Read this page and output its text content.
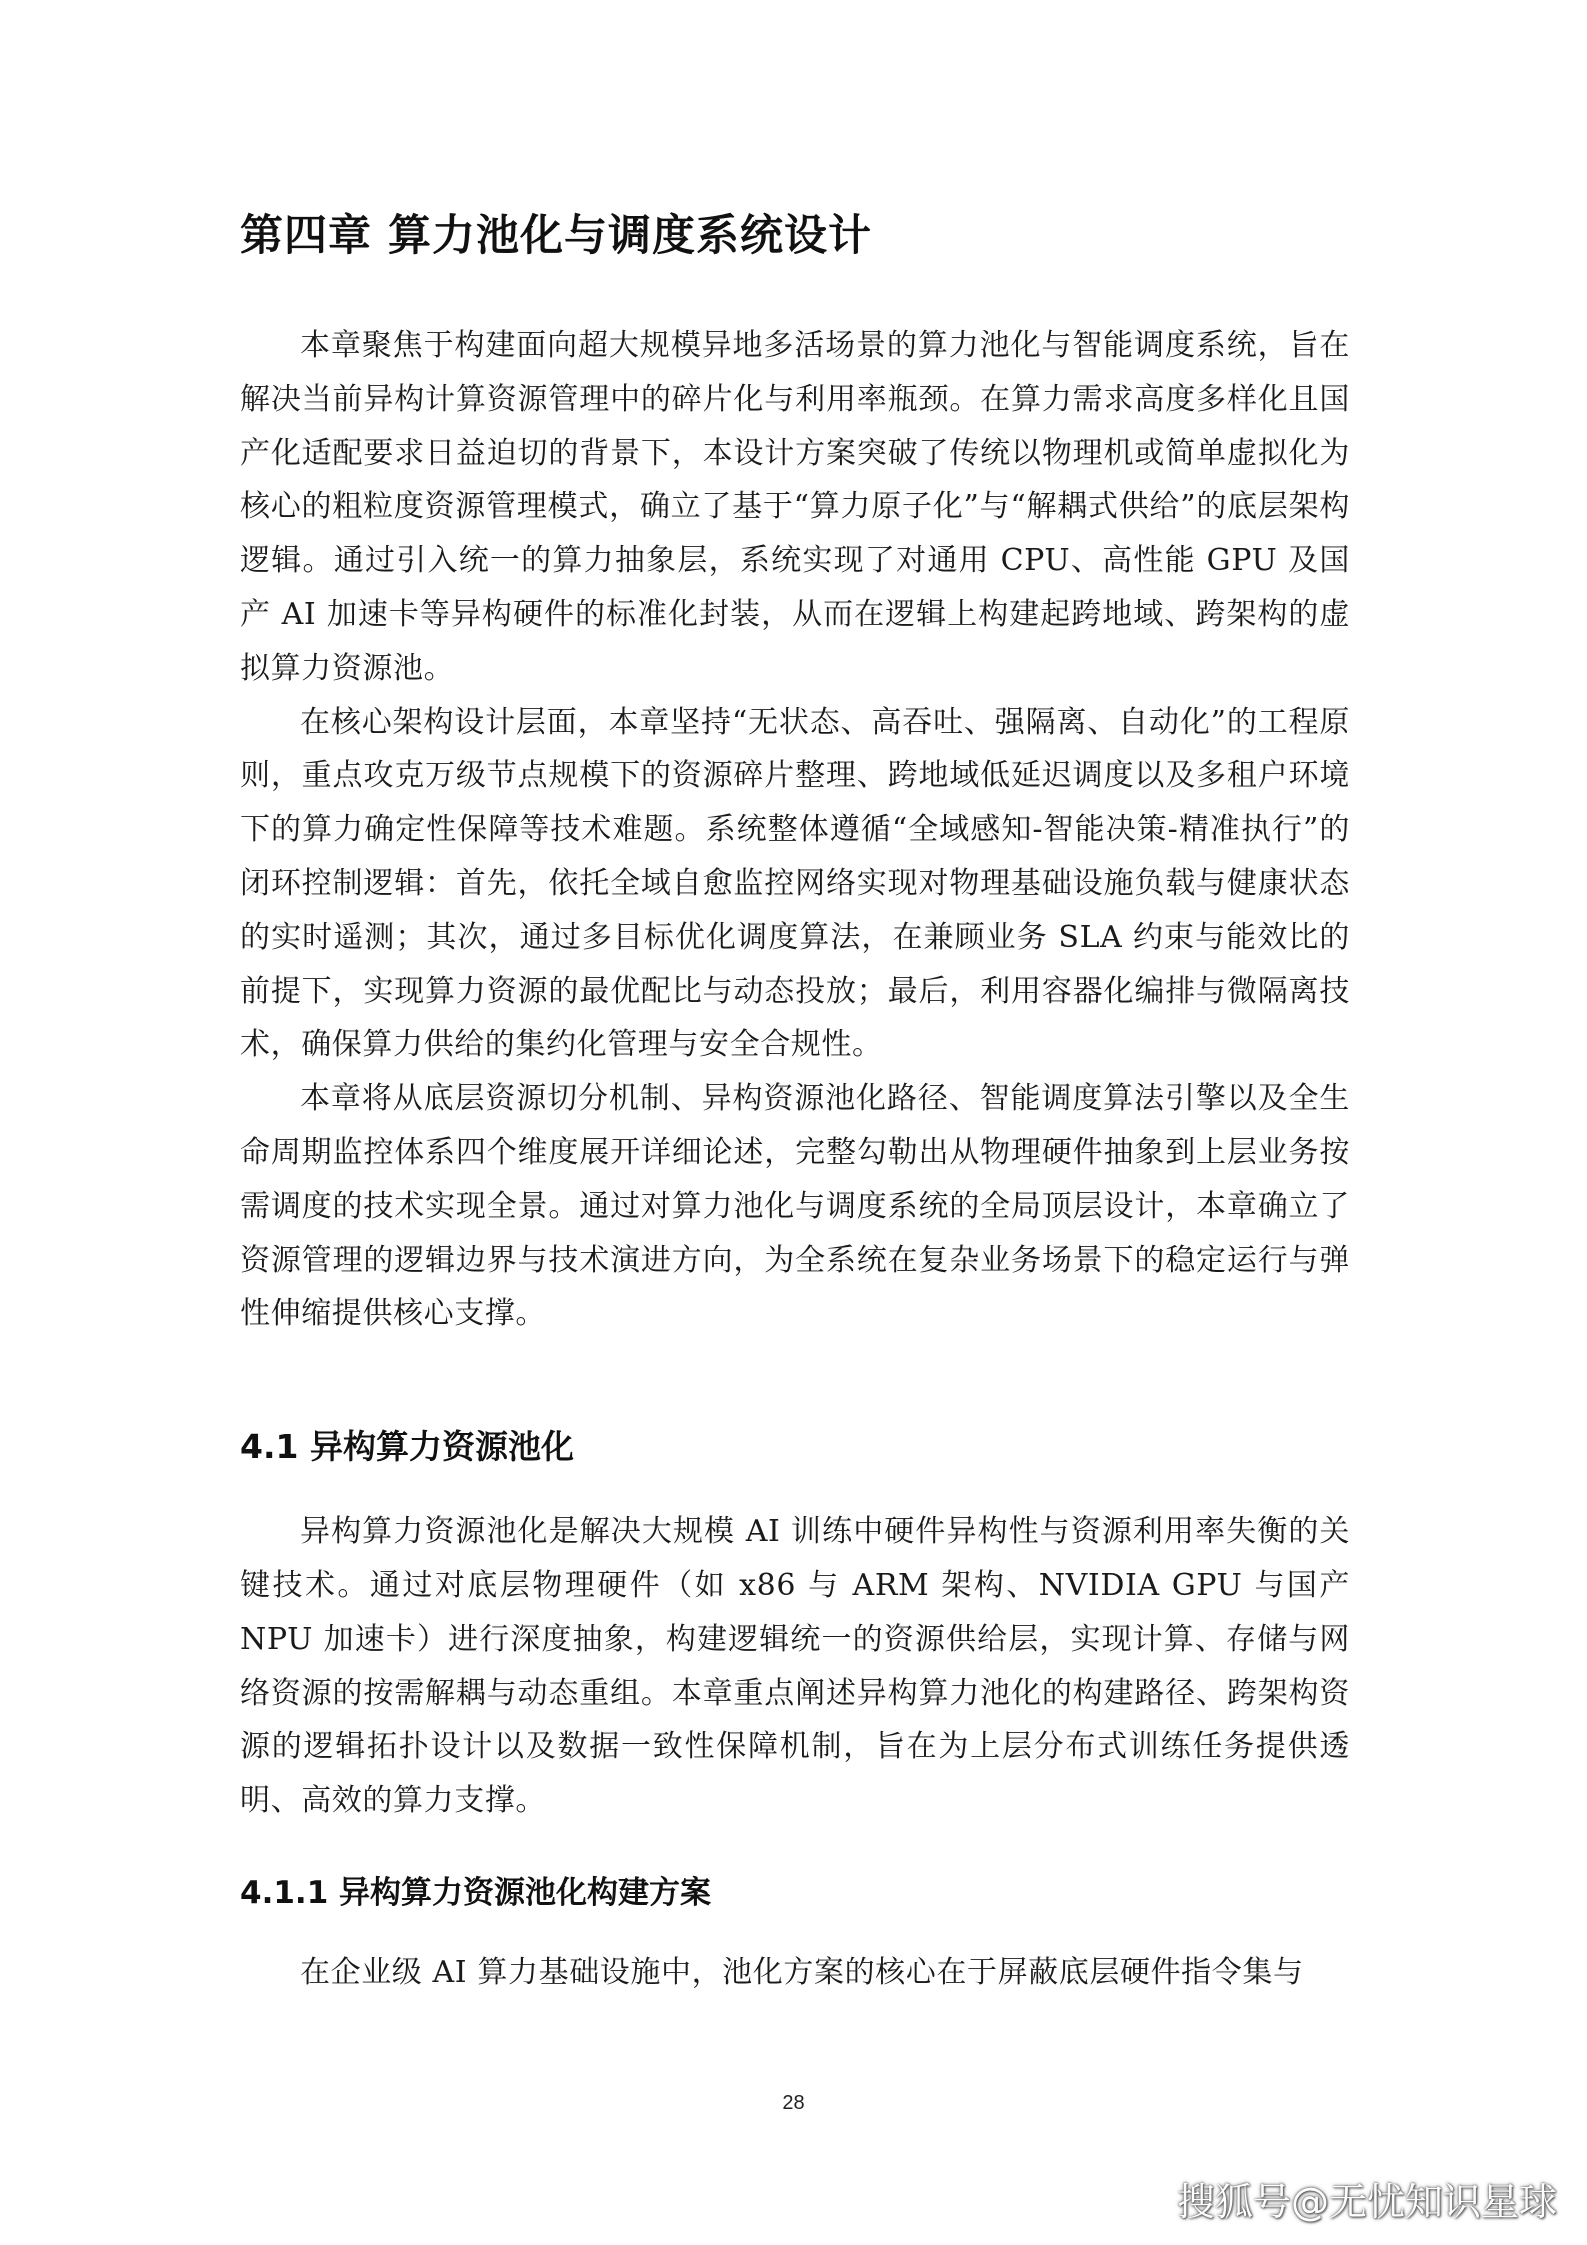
第四章 算力池化与调度系统设计

本章聚焦于构建面向超大规模异地多活场景的算力池化与智能调度系统，旨在解决当前异构计算资源管理中的碎片化与利用率瓶颈。在算力需求高度多样化且国产化适配要求日益迫切的背景下，本设计方案突破了传统以物理机或简单虚拟化为核心的粗粒度资源管理模式，确立了基于“算力原子化”与“解耦式供给”的底层架构逻辑。通过引入统一的算力抽象层，系统实现了对通用 CPU、高性能 GPU 及国产 AI 加速卡等异构硬件的标准化封装，从而在逻辑上构建起跨地域、跨架构的虚拟算力资源池。

在核心架构设计层面，本章坚持“无状态、高吞吐、强隔离、自动化”的工程原则，重点攻克万级节点规模下的资源碎片整理、跨地域低延迟调度以及多租户环境下的算力确定性保障等技术难题。系统整体遵循“全域感知-智能决策-精准执行”的闭环控制逻辑：首先，依托全域自愈监控网络实现对物理基础设施负载与健康状态的实时遥测；其次，通过多目标优化调度算法，在兼顾业务 SLA 约束与能效比的前提下，实现算力资源的最优配比与动态投放；最后，利用容器化编排与微隔离技术，确保算力供给的集约化管理与安全合规性。

本章将从底层资源切分机制、异构资源池化路径、智能调度算法引擎以及全生命周期监控体系四个维度展开详细论述，完整勾勒出从物理硬件抽象到上层业务按需调度的技术实现全景。通过对算力池化与调度系统的全局顶层设计，本章确立了资源管理的逻辑边界与技术演进方向，为全系统在复杂业务场景下的稳定运行与弹性伸缩提供核心支撑。

4.1 异构算力资源池化

异构算力资源池化是解决大规模 AI 训练中硬件异构性与资源利用率失衡的关键技术。通过对底层物理硬件（如 x86 与 ARM 架构、NVIDIA GPU 与国产 NPU 加速卡）进行深度抽象，构建逻辑统一的资源供给层，实现计算、存储与网络资源的按需解耦与动态重组。本章重点阐述异构算力池化的构建路径、跨架构资源的逻辑拓扑设计以及数据一致性保障机制，旨在为上层分布式训练任务提供透明、高效的算力支撑。

4.1.1 异构算力资源池化构建方案

在企业级 AI 算力基础设施中，池化方案的核心在于屏蔽底层硬件指令集与

28
搜狐号@无忧知识星球
